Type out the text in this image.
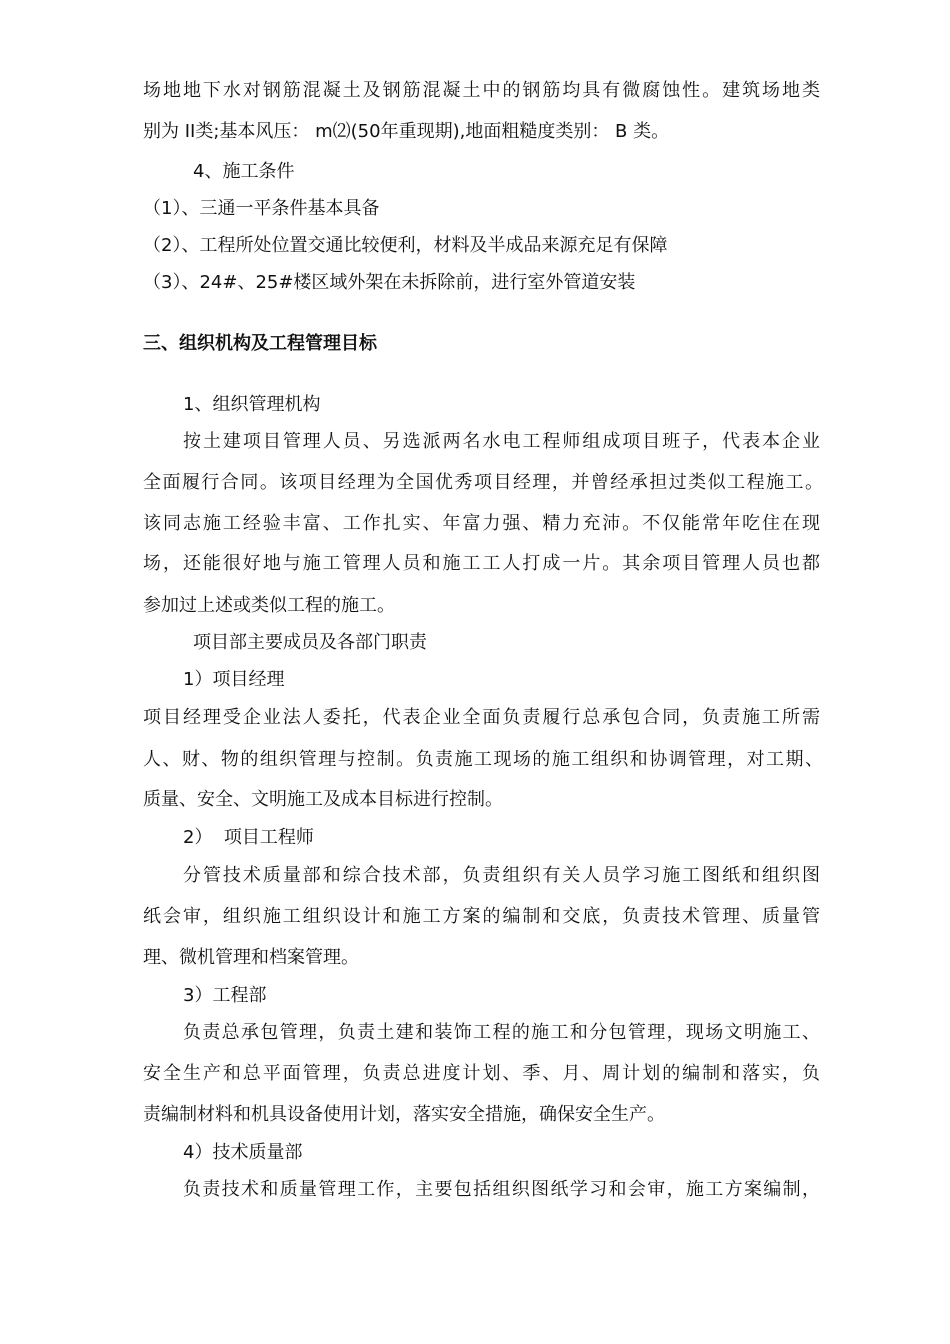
场地地下水对钢筋混凝土及钢筋混凝土中的钢筋均具有微腐蚀性。建筑场地类

别为 II类;基本风压： m⑵(50年重现期),地面粗糙度类别： B 类。

4、施工条件

（1）、三通一平条件基本具备

（2）、工程所处位置交通比较便利，材料及半成品来源充足有保障

（3）、24#、25#楼区域外架在未拆除前，进行室外管道安装

三、组织机构及工程管理目标

1、组织管理机构

按土建项目管理人员、另选派两名水电工程师组成项目班子，代表本企业

全面履行合同。该项目经理为全国优秀项目经理，并曾经承担过类似工程施工。

该同志施工经验丰富、工作扎实、年富力强、精力充沛。不仅能常年吃住在现

场，还能很好地与施工管理人员和施工工人打成一片。其余项目管理人员也都

参加过上述或类似工程的施工。

项目部主要成员及各部门职责

1）项目经理

项目经理受企业法人委托，代表企业全面负责履行总承包合同，负责施工所需

人、财、物的组织管理与控制。负责施工现场的施工组织和协调管理，对工期、

质量、安全、文明施工及成本目标进行控制。

2）  项目工程师

分管技术质量部和综合技术部，负责组织有关人员学习施工图纸和组织图

纸会审，组织施工组织设计和施工方案的编制和交底，负责技术管理、质量管

理、微机管理和档案管理。

3）工程部

负责总承包管理，负责土建和装饰工程的施工和分包管理，现场文明施工、

安全生产和总平面管理，负责总进度计划、季、月、周计划的编制和落实，负

责编制材料和机具设备使用计划，落实安全措施，确保安全生产。

4）技术质量部

负责技术和质量管理工作，主要包括组织图纸学习和会审，施工方案编制，
